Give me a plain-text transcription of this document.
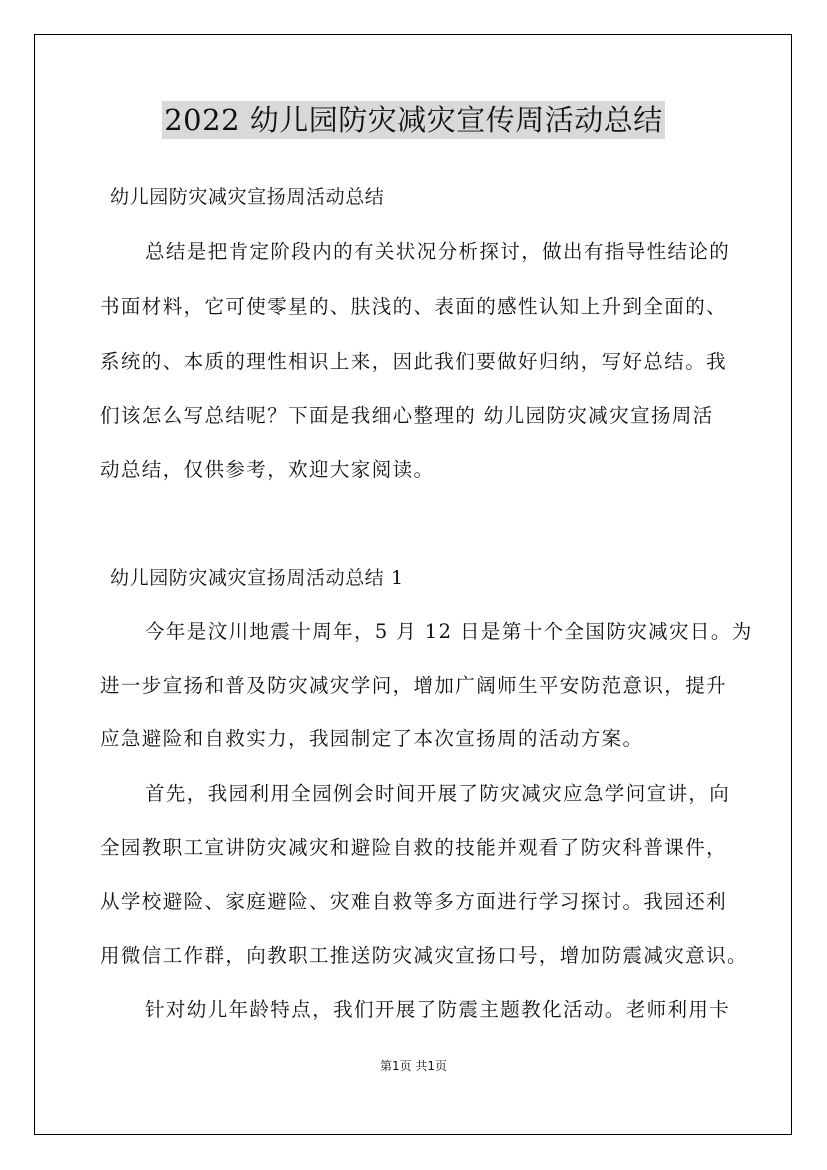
2022 幼儿园防灾减灾宣传周活动总结
幼儿园防灾减灾宣扬周活动总结
总结是把肯定阶段内的有关状况分析探讨，做出有指导性结论的
书面材料，它可使零星的、肤浅的、表面的感性认知上升到全面的、
系统的、本质的理性相识上来，因此我们要做好归纳，写好总结。我
们该怎么写总结呢？下面是我细心整理的 幼儿园防灾减灾宣扬周活
动总结，仅供参考，欢迎大家阅读。
幼儿园防灾减灾宣扬周活动总结 1
今年是汶川地震十周年，5 月 12 日是第十个全国防灾减灾日。为
进一步宣扬和普及防灾减灾学问，增加广阔师生平安防范意识，提升
应急避险和自救实力，我园制定了本次宣扬周的活动方案。
首先，我园利用全园例会时间开展了防灾减灾应急学问宣讲，向
全园教职工宣讲防灾减灾和避险自救的技能并观看了防灾科普课件，
从学校避险、家庭避险、灾难自救等多方面进行学习探讨。我园还利
用微信工作群，向教职工推送防灾减灾宣扬口号，增加防震减灾意识。
针对幼儿年龄特点，我们开展了防震主题教化活动。老师利用卡
第1页 共1页
